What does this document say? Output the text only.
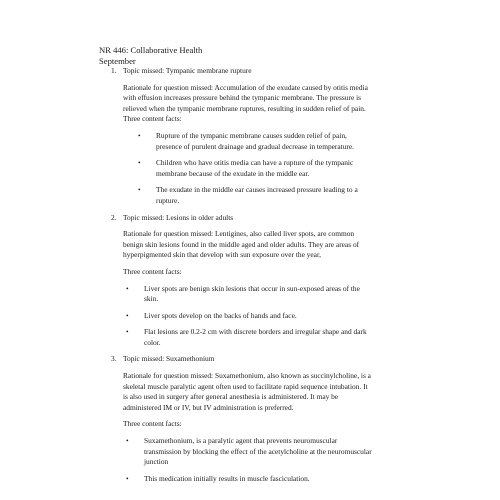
NR 446: Collaborative Health
September
1. Topic missed: Tympanic membrane rupture

Rationale for question missed: Accumulation of the exudate caused by otitis media with effusion increases pressure behind the tympanic membrane. The pressure is relieved when the tympanic membrane ruptures, resulting in sudden relief of pain. Three content facts:

• Rupture of the tympanic membrane causes sudden relief of pain, presence of purulent drainage and gradual decrease in temperature.
• Children who have otitis media can have a rupture of the tympanic membrane because of the exudate in the middle ear.
• The exudate in the middle ear causes increased pressure leading to a rupture.
2. Topic missed: Lesions in older adults

Rationale for question missed: Lentigines, also called liver spots, are common benign skin lesions found in the middle aged and older adults. They are areas of hyperpigmented skin that develop with sun exposure over the year,

Three content facts:

• Liver spots are benign skin lesions that occur in sun-exposed areas of the skin.
• Liver spots develop on the backs of hands and face.
• Flat lesions are 0.2-2 cm with discrete borders and irregular shape and dark color.
3. Topic missed: Suxamethonium

Rationale for question missed: Suxamethonium, also known as succinylcholine, is a skeletal muscle paralytic agent often used to facilitate rapid sequence intubation. It is also used in surgery after general anesthesia is administered. It may be administered IM or IV, but IV administration is preferred.

Three content facts:

• Suxamethonium, is a paralytic agent that prevents neuromuscular transmission by blocking the effect of the acetylcholine at the neuromuscular junction
• This medication initially results in muscle fasciculation.
